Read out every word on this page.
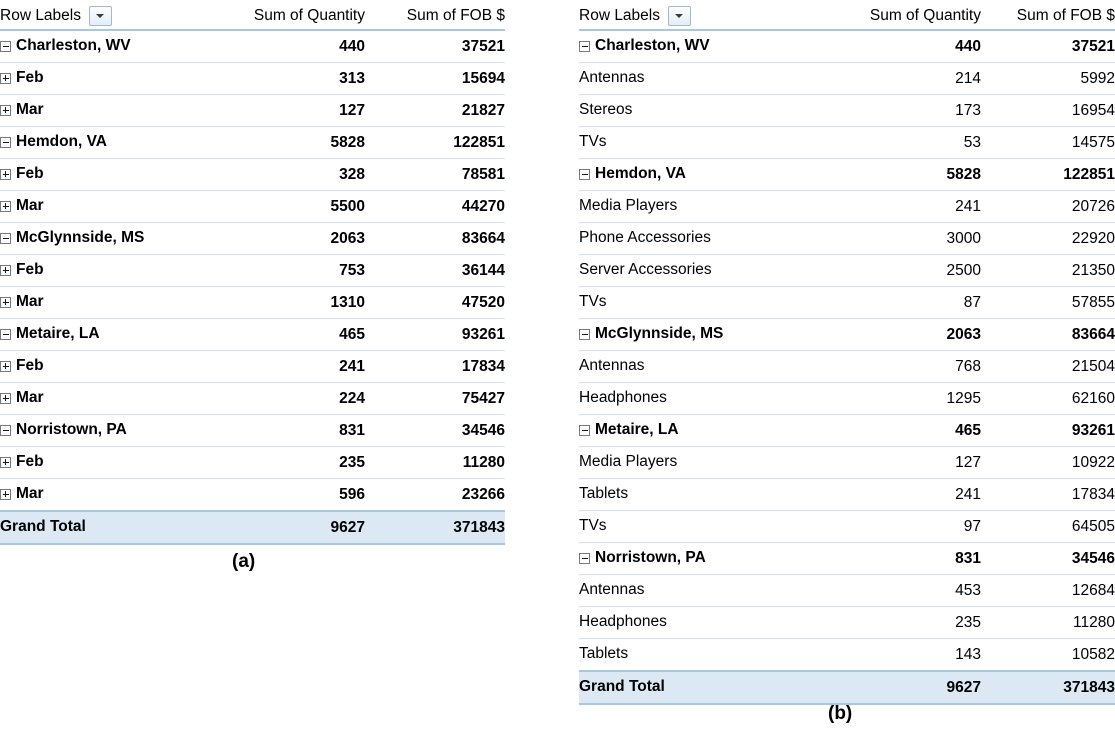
Row Labels	Sum of Quantity	Sum of FOB $
Charleston, WV	440	37521
Feb	313	15694
Mar	127	21827
Hemdon, VA	5828	122851
Feb	328	78581
Mar	5500	44270
McGlynnside, MS	2063	83664
Feb	753	36144
Mar	1310	47520
Metaire, LA	465	93261
Feb	241	17834
Mar	224	75427
Norristown, PA	831	34546
Feb	235	11280
Mar	596	23266
Grand Total	9627	371843
Row Labels	Sum of Quantity	Sum of FOB $
Charleston, WV	440	37521
Antennas	214	5992
Stereos	173	16954
TVs	53	14575
Hemdon, VA	5828	122851
Media Players	241	20726
Phone Accessories	3000	22920
Server Accessories	2500	21350
TVs	87	57855
McGlynnside, MS	2063	83664
Antennas	768	21504
Headphones	1295	62160
Metaire, LA	465	93261
Media Players	127	10922
Tablets	241	17834
TVs	97	64505
Norristown, PA	831	34546
Antennas	453	12684
Headphones	235	11280
Tablets	143	10582
Grand Total	9627	371843
(a)
(b)
